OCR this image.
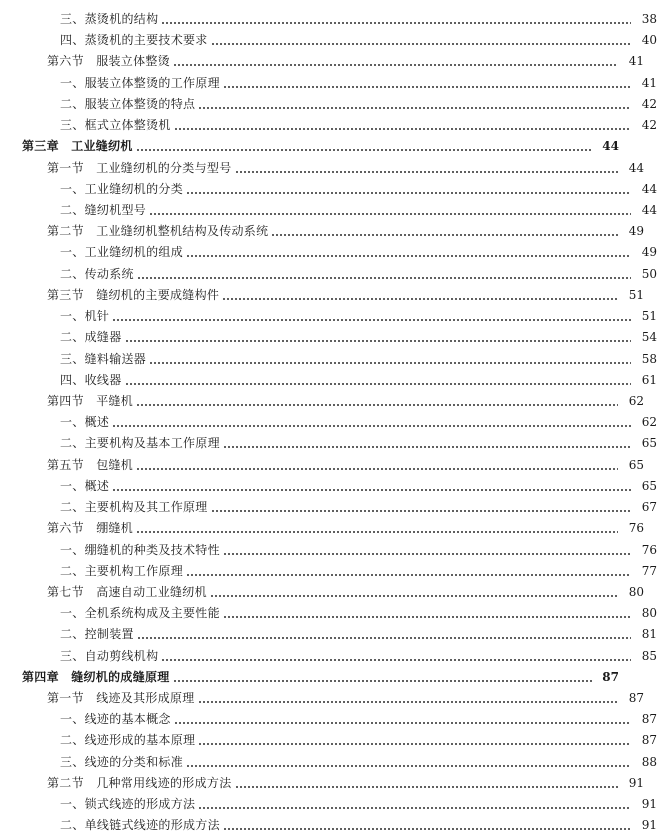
三、蒸烫机的结构	38
四、蒸烫机的主要技术要求	40
第六节　服装立体整烫	41
一、服装立体整烫的工作原理	41
二、服装立体整烫的特点	42
三、框式立体整烫机	42
第三章　工业缝纫机	44
第一节　工业缝纫机的分类与型号	44
一、工业缝纫机的分类	44
二、缝纫机型号	44
第二节　工业缝纫机整机结构及传动系统	49
一、工业缝纫机的组成	49
二、传动系统	50
第三节　缝纫机的主要成缝构件	51
一、机针	51
二、成缝器	54
三、缝料输送器	58
四、收线器	61
第四节　平缝机	62
一、概述	62
二、主要机构及基本工作原理	65
第五节　包缝机	65
一、概述	65
二、主要机构及其工作原理	67
第六节　绷缝机	76
一、绷缝机的种类及技术特性	76
二、主要机构工作原理	77
第七节　高速自动工业缝纫机	80
一、全机系统构成及主要性能	80
二、控制装置	81
三、自动剪线机构	85
第四章　缝纫机的成缝原理	87
第一节　线迹及其形成原理	87
一、线迹的基本概念	87
二、线迹形成的基本原理	87
三、线迹的分类和标准	88
第二节　几种常用线迹的形成方法	91
一、锁式线迹的形成方法	91
二、单线链式线迹的形成方法	91
